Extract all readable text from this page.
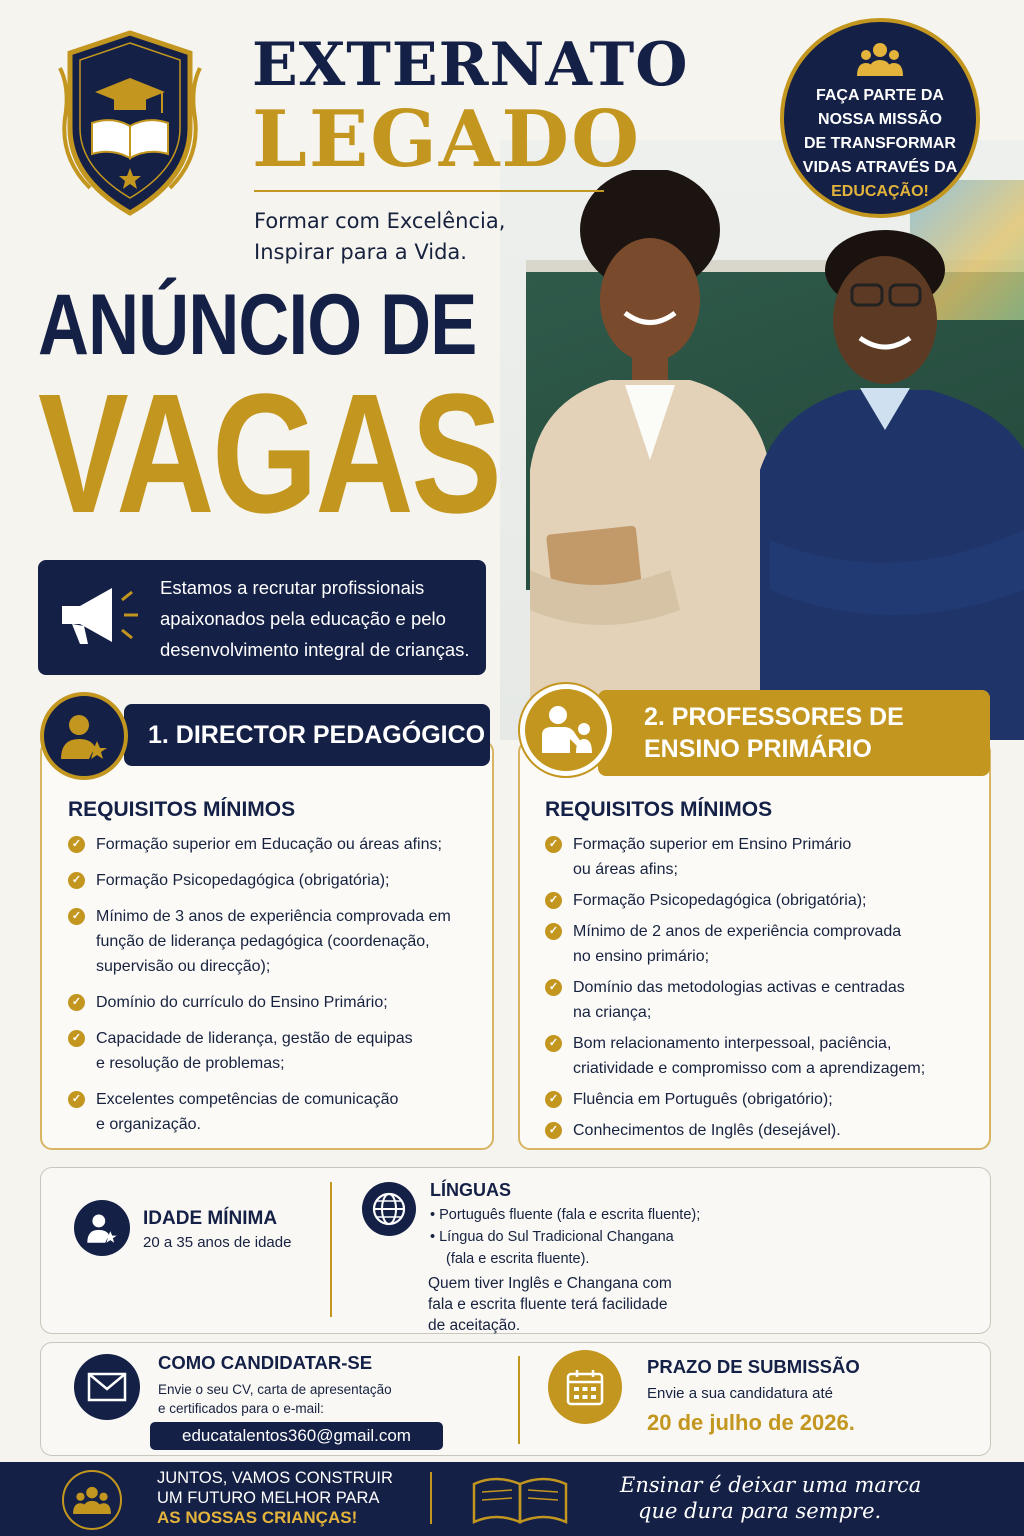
EXTERNATO
LEGADO
Formar com Excelência,
Inspirar para a Vida.
FAÇA PARTE DA
NOSSA MISSÃO
DE TRANSFORMAR
VIDAS ATRAVÉS DA
EDUCAÇÃO!
ANÚNCIO DE
VAGAS
Estamos a recrutar profissionais
apaixonados pela educação e pelo
desenvolvimento integral de crianças.
1. DIRECTOR PEDAGÓGICO
REQUISITOS MÍNIMOS
✓ Formação superior em Educação ou áreas afins;
✓ Formação Psicopedagógica (obrigatória);
✓ Mínimo de 3 anos de experiência comprovada em
função de liderança pedagógica (coordenação,
supervisão ou direcção);
✓ Domínio do currículo do Ensino Primário;
✓ Capacidade de liderança, gestão de equipas
e resolução de problemas;
✓ Excelentes competências de comunicação
e organização.
2. PROFESSORES DE
ENSINO PRIMÁRIO
REQUISITOS MÍNIMOS
✓ Formação superior em Ensino Primário
ou áreas afins;
✓ Formação Psicopedagógica (obrigatória);
✓ Mínimo de 2 anos de experiência comprovada
no ensino primário;
✓ Domínio das metodologias activas e centradas
na criança;
✓ Bom relacionamento interpessoal, paciência,
criatividade e compromisso com a aprendizagem;
✓ Fluência em Português (obrigatório);
✓ Conhecimentos de Inglês (desejável).
IDADE MÍNIMA
20 a 35 anos de idade
LÍNGUAS
• Português fluente (fala e escrita fluente);
• Língua do Sul Tradicional Changana
(fala e escrita fluente).
Quem tiver Inglês e Changana com
fala e escrita fluente terá facilidade
de aceitação.
COMO CANDIDATAR-SE
Envie o seu CV, carta de apresentação
e certificados para o e-mail:
educatalentos360@gmail.com
PRAZO DE SUBMISSÃO
Envie a sua candidatura até
20 de julho de 2026.
JUNTOS, VAMOS CONSTRUIR
UM FUTURO MELHOR PARA
AS NOSSAS CRIANÇAS!
Ensinar é deixar uma marca
que dura para sempre.
